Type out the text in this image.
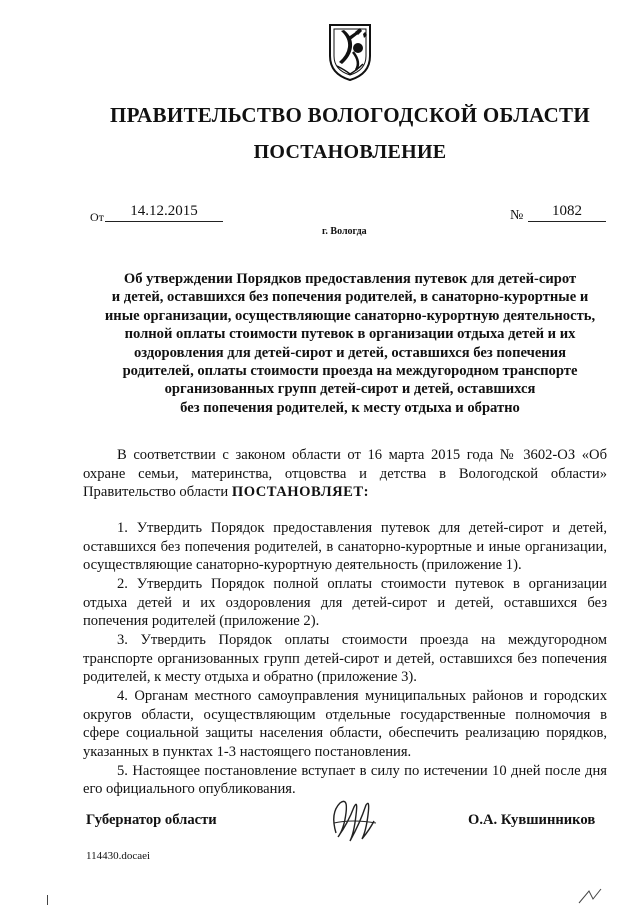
ПРАВИТЕЛЬСТВО ВОЛОГОДСКОЙ ОБЛАСТИ
ПОСТАНОВЛЕНИЕ
От	14.12.2015	№	1082
г. Вологда
Об утверждении Порядков предоставления путевок для детей-сирот
и детей, оставшихся без попечения родителей, в санаторно-курортные и
иные организации, осуществляющие санаторно-курортную деятельность,
полной оплаты стоимости путевок в организации отдыха детей и их
оздоровления для детей-сирот и детей, оставшихся без попечения
родителей, оплаты стоимости проезда на междугородном транспорте
организованных групп детей-сирот и детей, оставшихся
без попечения родителей, к месту отдыха и обратно
В соответствии с законом области от 16 марта 2015 года № 3602-ОЗ «Об охране семьи, материнства, отцовства и детства в Вологодской области» Правительство области ПОСТАНОВЛЯЕТ:

1. Утвердить Порядок предоставления путевок для детей-сирот и детей, оставшихся без попечения родителей, в санаторно-курортные и иные организации, осуществляющие санаторно-курортную деятельность (приложение 1).

2. Утвердить Порядок полной оплаты стоимости путевок в организации отдыха детей и их оздоровления для детей-сирот и детей, оставшихся без попечения родителей (приложение 2).

3. Утвердить Порядок оплаты стоимости проезда на междугородном транспорте организованных групп детей-сирот и детей, оставшихся без попечения родителей, к месту отдыха и обратно (приложение 3).

4. Органам местного самоуправления муниципальных районов и городских округов области, осуществляющим отдельные государственные полномочия в сфере социальной защиты населения области, обеспечить реализацию порядков, указанных в пунктах 1-3 настоящего постановления.

5. Настоящее постановление вступает в силу по истечении 10 дней после дня его официального опубликования.

Губернатор области	О.А. Кувшинников
114430.docaei
